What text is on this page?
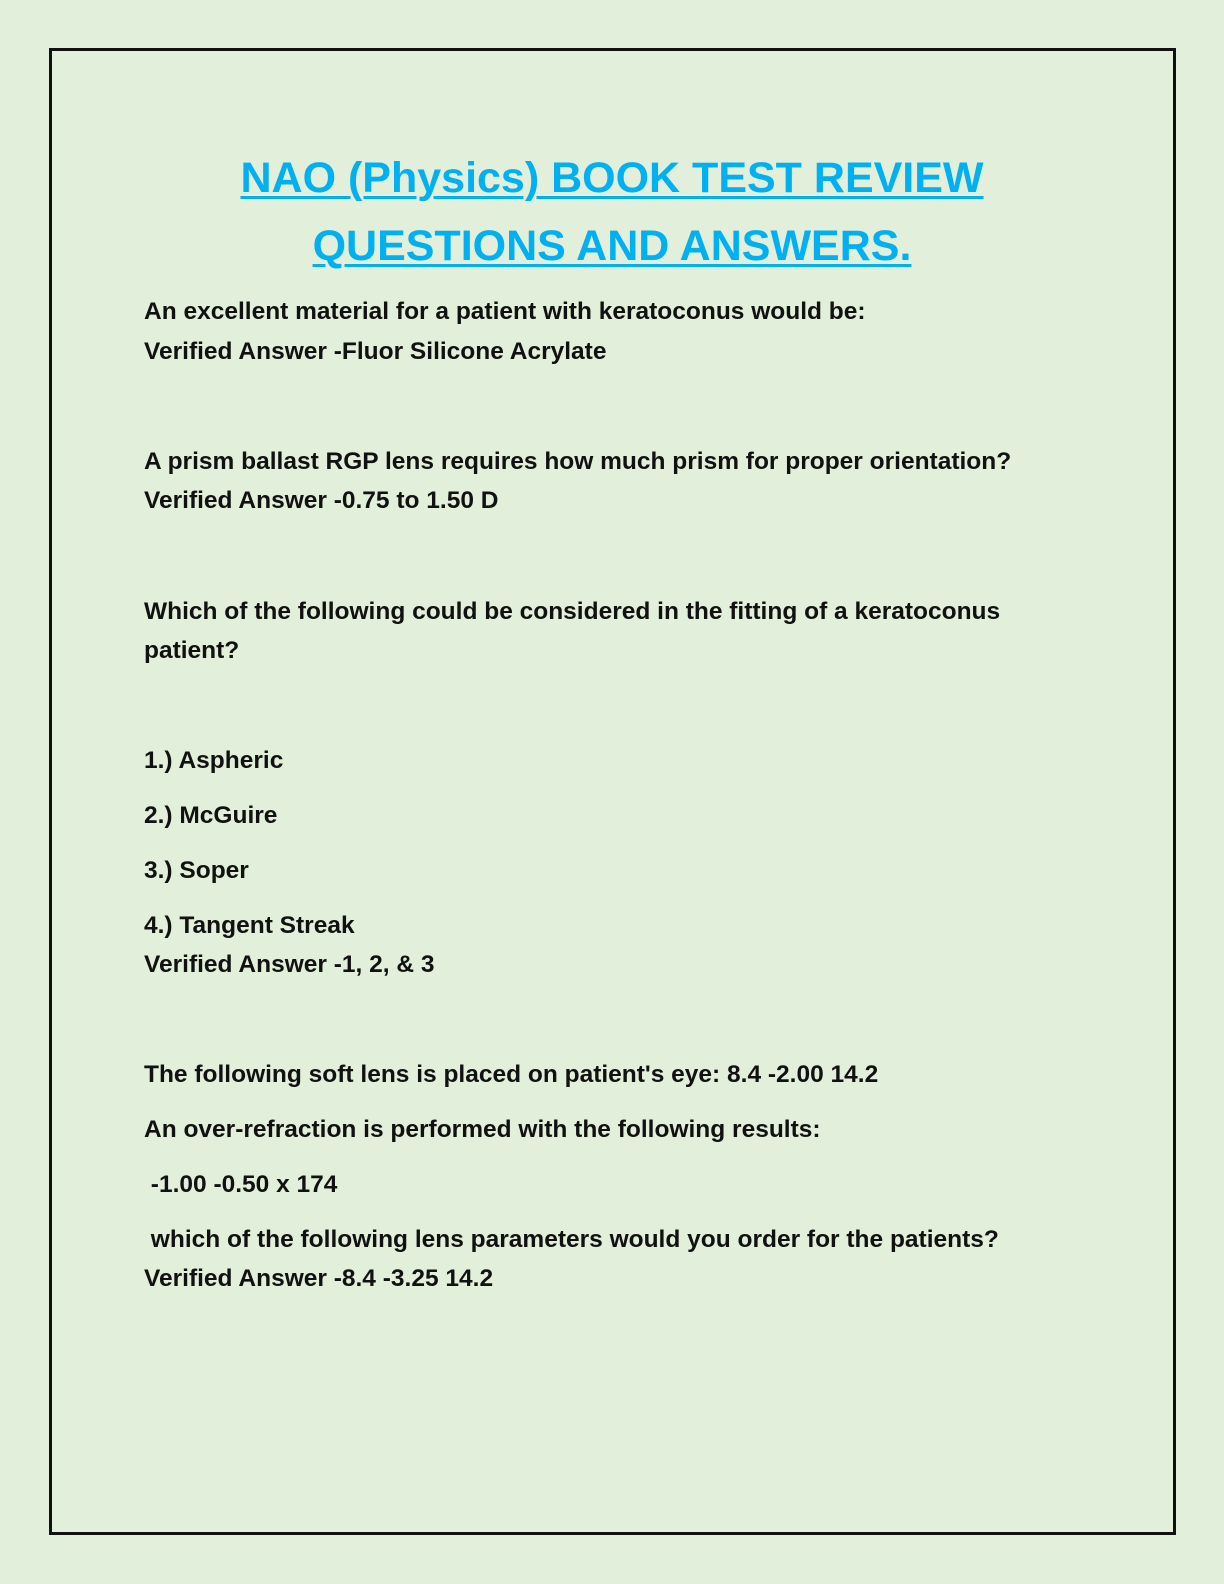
NAO (Physics) BOOK TEST REVIEW
QUESTIONS AND ANSWERS.
An excellent material for a patient with keratoconus would be:
Verified Answer -Fluor Silicone Acrylate
A prism ballast RGP lens requires how much prism for proper orientation?
Verified Answer -0.75 to 1.50 D
Which of the following could be considered in the fitting of a keratoconus
patient?
1.) Aspheric
2.) McGuire
3.) Soper
4.) Tangent Streak
Verified Answer -1, 2, & 3
The following soft lens is placed on patient's eye: 8.4 -2.00 14.2
An over-refraction is performed with the following results:
-1.00 -0.50 x 174
which of the following lens parameters would you order for the patients?
Verified Answer -8.4 -3.25 14.2
